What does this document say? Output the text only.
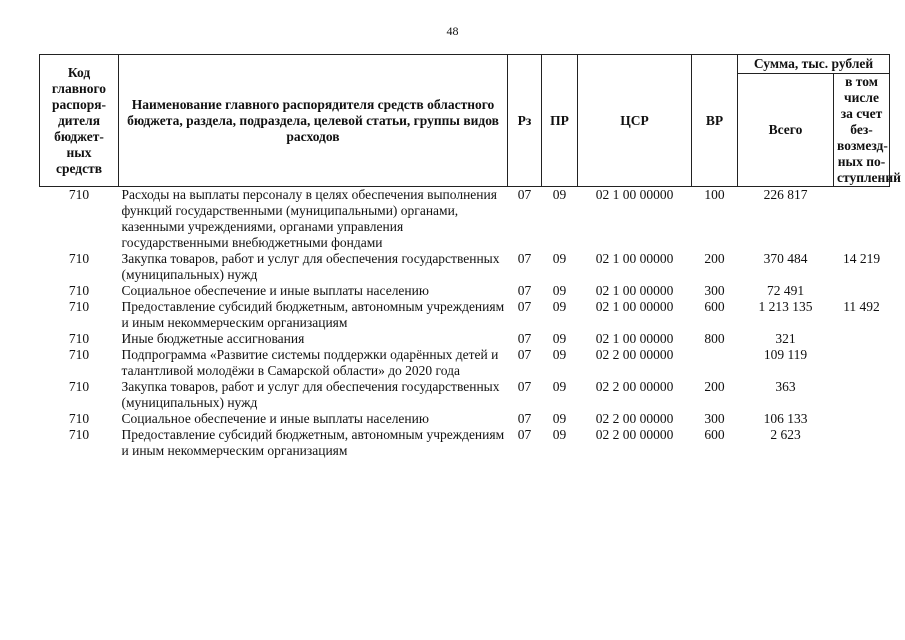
48
Код главного распоря-дителя бюджет-ных средств	Наименование главного распорядителя средств областного бюджета, раздела, подраздела, целевой статьи, группы видов расходов	Рз	ПР	ЦСР	ВР	Сумма, тыс. рублей	
						Всего	в том числе за счет без-возмезд-ных по-ступлений
710	Расходы на выплаты персоналу в целях обеспечения выполнения функций государственными (муниципальными) органами, казенными учреждениями, органами управления государственными внебюджетными фондами	07	09	02 1 00 00000	100	226 817	
710	Закупка товаров, работ и услуг для обеспечения государственных (муниципальных) нужд	07	09	02 1 00 00000	200	370 484	14 219
710	Социальное обеспечение и иные выплаты населению	07	09	02 1 00 00000	300	72 491	
710	Предоставление субсидий бюджетным, автономным учреждениям и иным некоммерческим организациям	07	09	02 1 00 00000	600	1 213 135	11 492
710	Иные бюджетные ассигнования	07	09	02 1 00 00000	800	321	
710	Подпрограмма «Развитие системы поддержки одарённых детей и талантливой молодёжи в Самарской области» до 2020 года	07	09	02 2 00 00000		109 119	
710	Закупка товаров, работ и услуг для обеспечения государственных (муниципальных) нужд	07	09	02 2 00 00000	200	363	
710	Социальное обеспечение и иные выплаты населению	07	09	02 2 00 00000	300	106 133	
710	Предоставление субсидий бюджетным, автономным учреждениям и иным некоммерческим организациям	07	09	02 2 00 00000	600	2 623	
